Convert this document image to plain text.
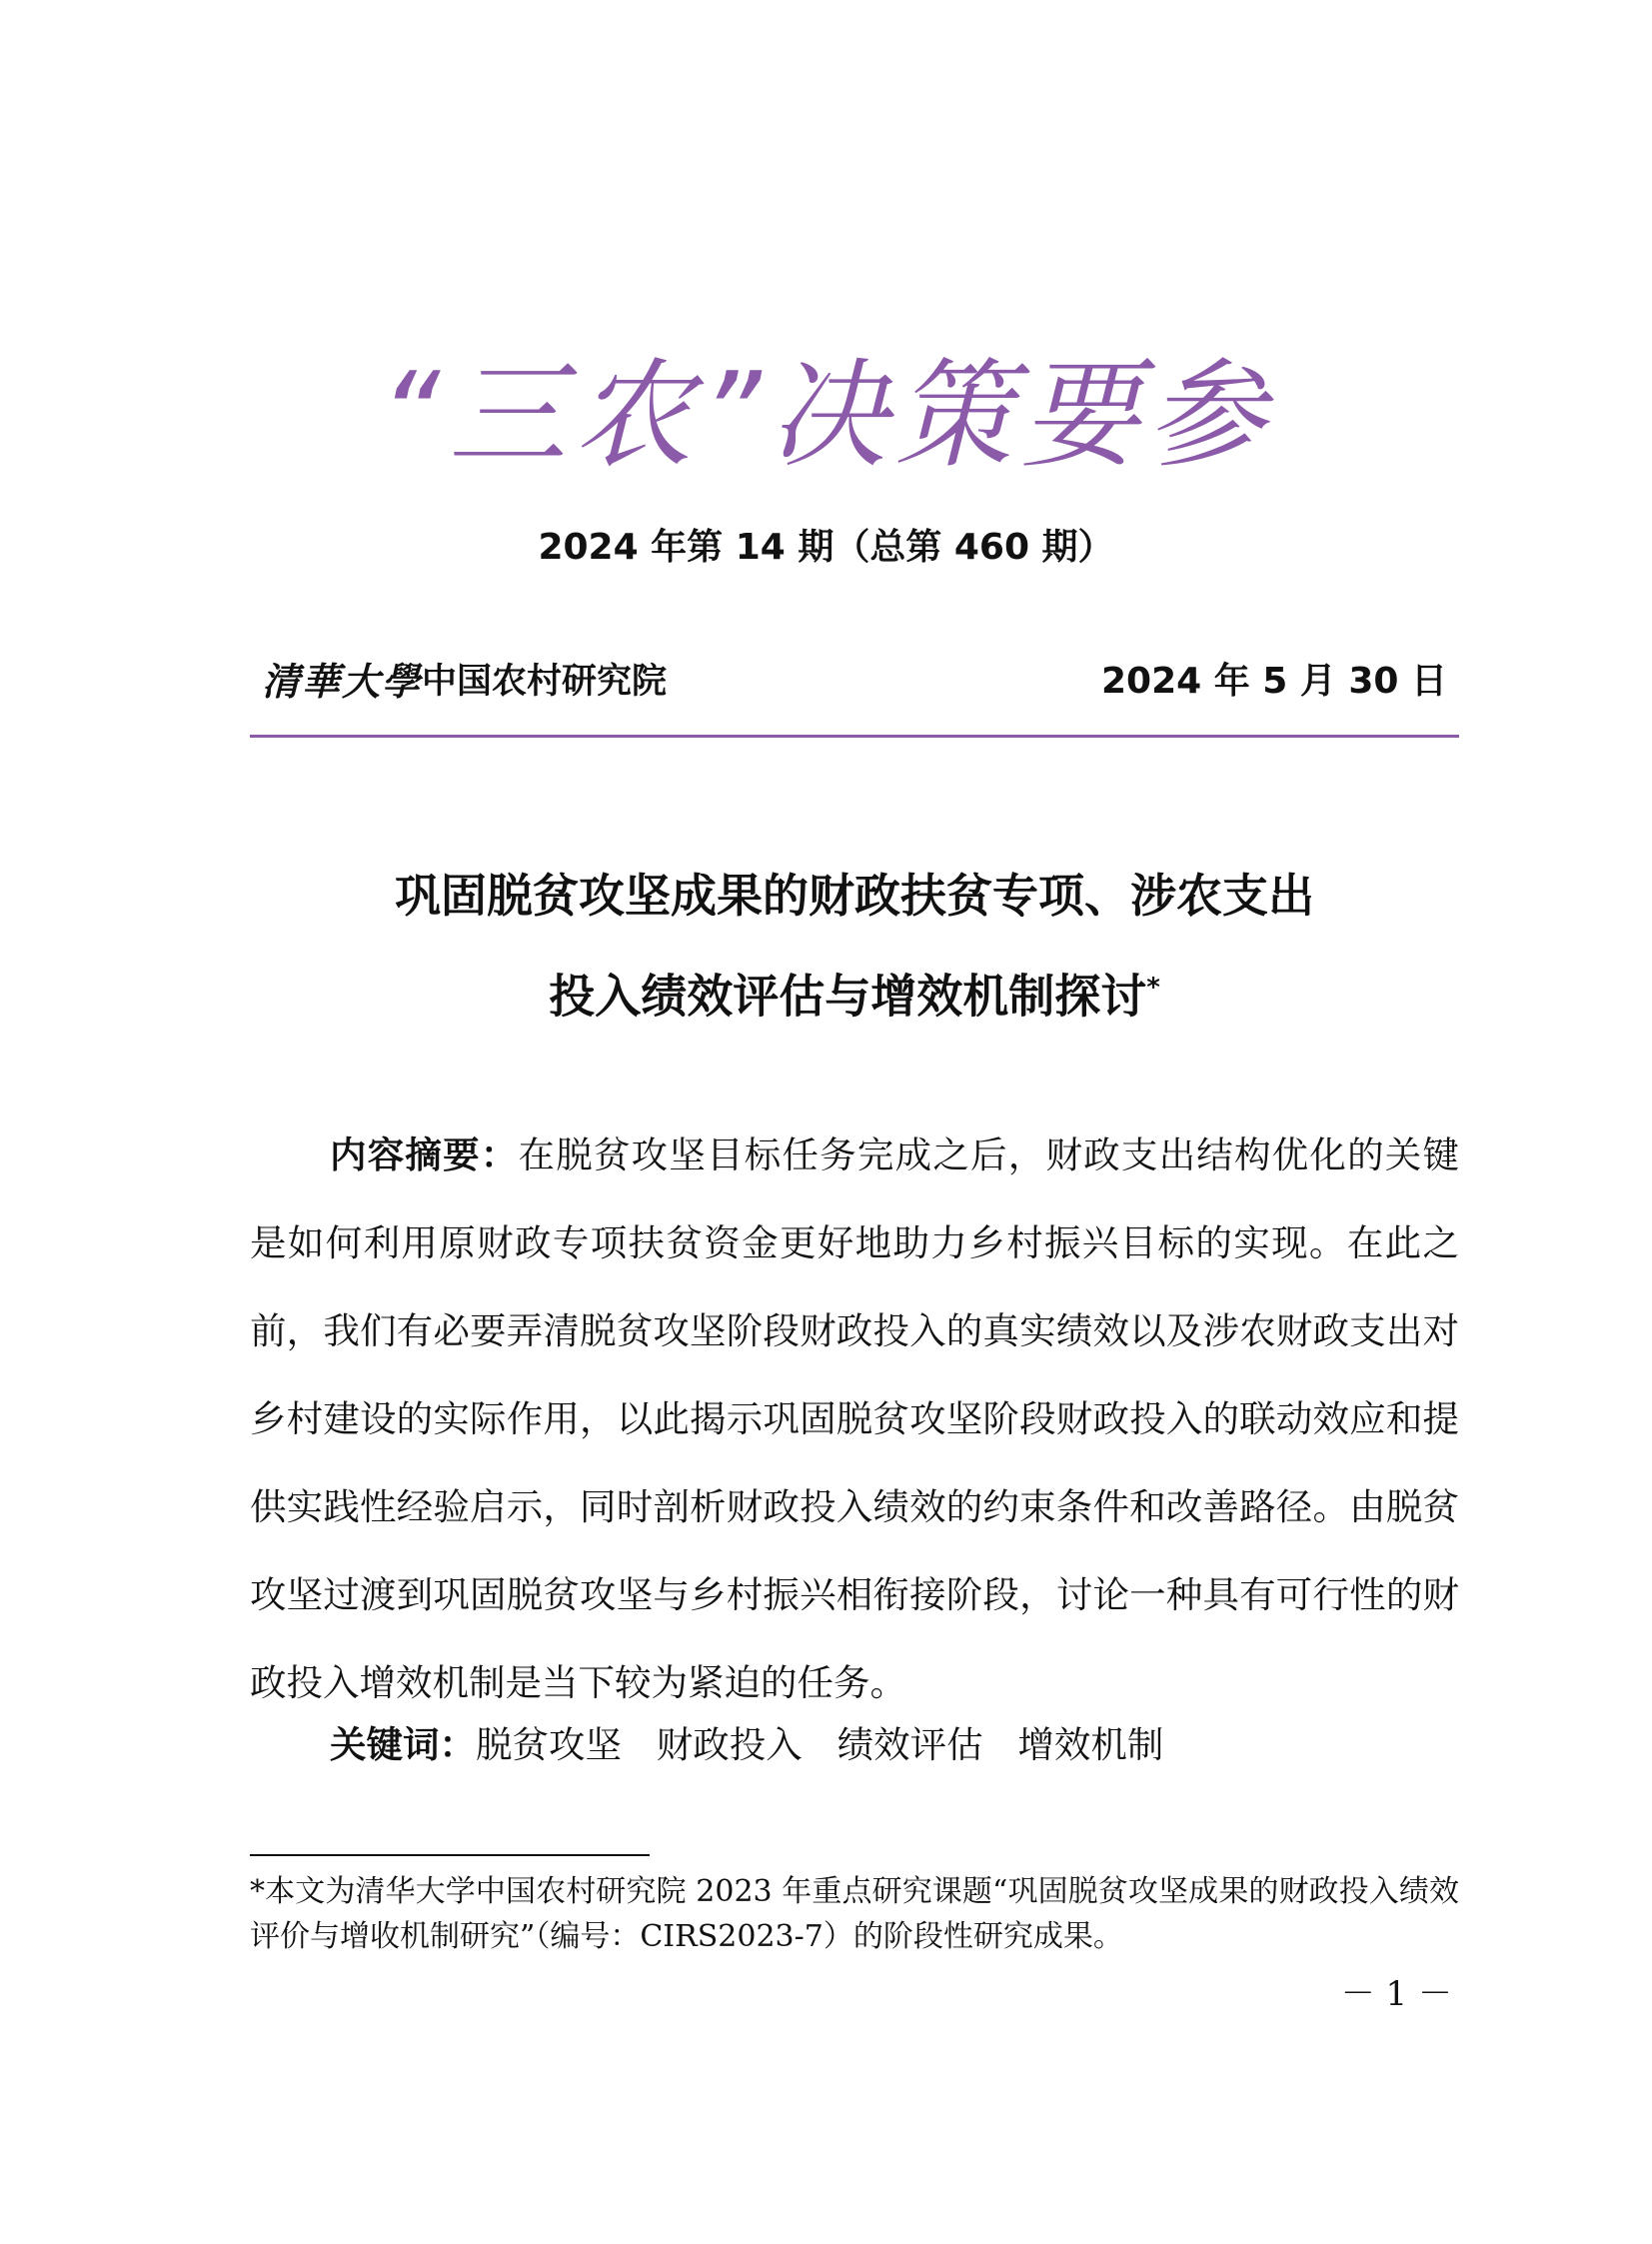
“三农”决策要参
2024 年第 14 期（总第 460 期）
清華大學 中国农村研究院	2024 年 5 月 30 日
巩固脱贫攻坚成果的财政扶贫专项、涉农支出
投入绩效评估与增效机制探讨*

内容摘要：在脱贫攻坚目标任务完成之后，财政支出结构优化的关键是如何利用原财政专项扶贫资金更好地助力乡村振兴目标的实现。在此之前，我们有必要弄清脱贫攻坚阶段财政投入的真实绩效以及涉农财政支出对乡村建设的实际作用，以此揭示巩固脱贫攻坚阶段财政投入的联动效应和提供实践性经验启示，同时剖析财政投入绩效的约束条件和改善路径。由脱贫攻坚过渡到巩固脱贫攻坚与乡村振兴相衔接阶段，讨论一种具有可行性的财政投入增效机制是当下较为紧迫的任务。

关键词：脱贫攻坚   财政投入   绩效评估   增效机制

*本文为清华大学中国农村研究院 2023 年重点研究课题“巩固脱贫攻坚成果的财政投入绩效评价与增收机制研究”（编号：CIRS2023-7）的阶段性研究成果。

－ 1 －
